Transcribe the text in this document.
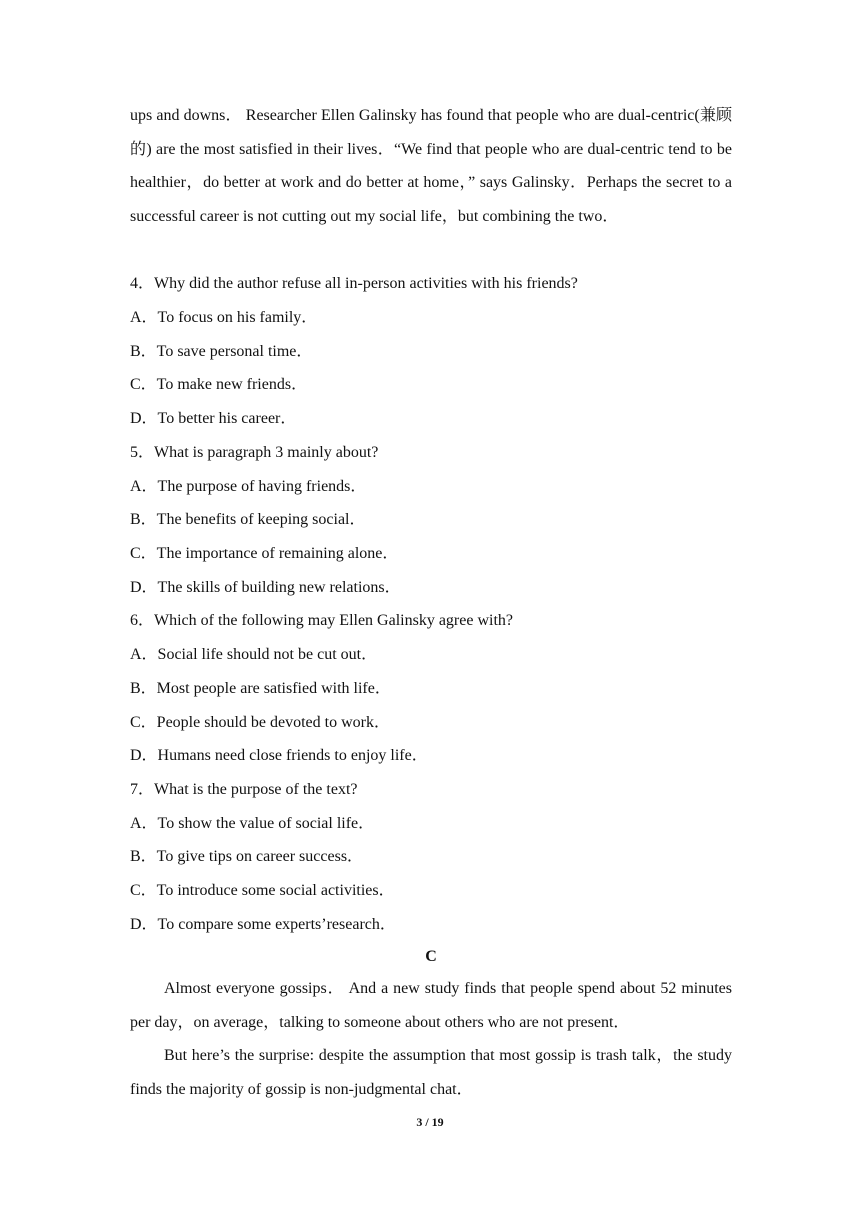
ups and downs． Researcher Ellen Galinsky has found that people who are dual-centric(兼顾的) are the most satisfied in their lives．“We find that people who are dual-centric tend to be healthier，do better at work and do better at home，” says Galinsky．Perhaps the secret to a successful career is not cutting out my social life，but combining the two．

4．Why did the author refuse all in-person activities with his friends?

A．To focus on his family．

B．To save personal time．

C．To make new friends．

D．To better his career．

5．What is paragraph 3 mainly about?

A．The purpose of having friends．

B．The benefits of keeping social．

C．The importance of remaining alone．

D．The skills of building new relations．

6．Which of the following may Ellen Galinsky agree with?

A．Social life should not be cut out．

B．Most people are satisfied with life．

C．People should be devoted to work．

D．Humans need close friends to enjoy life．

7．What is the purpose of the text?

A．To show the value of social life．

B．To give tips on career success．

C．To introduce some social activities．

D．To compare some experts’research．

C

Almost everyone gossips． And a new study finds that people spend about 52 minutes per day，on average，talking to someone about others who are not present．

But here’s the surprise: despite the assumption that most gossip is trash talk，the study finds the majority of gossip is non-judgmental chat．

3 / 19
